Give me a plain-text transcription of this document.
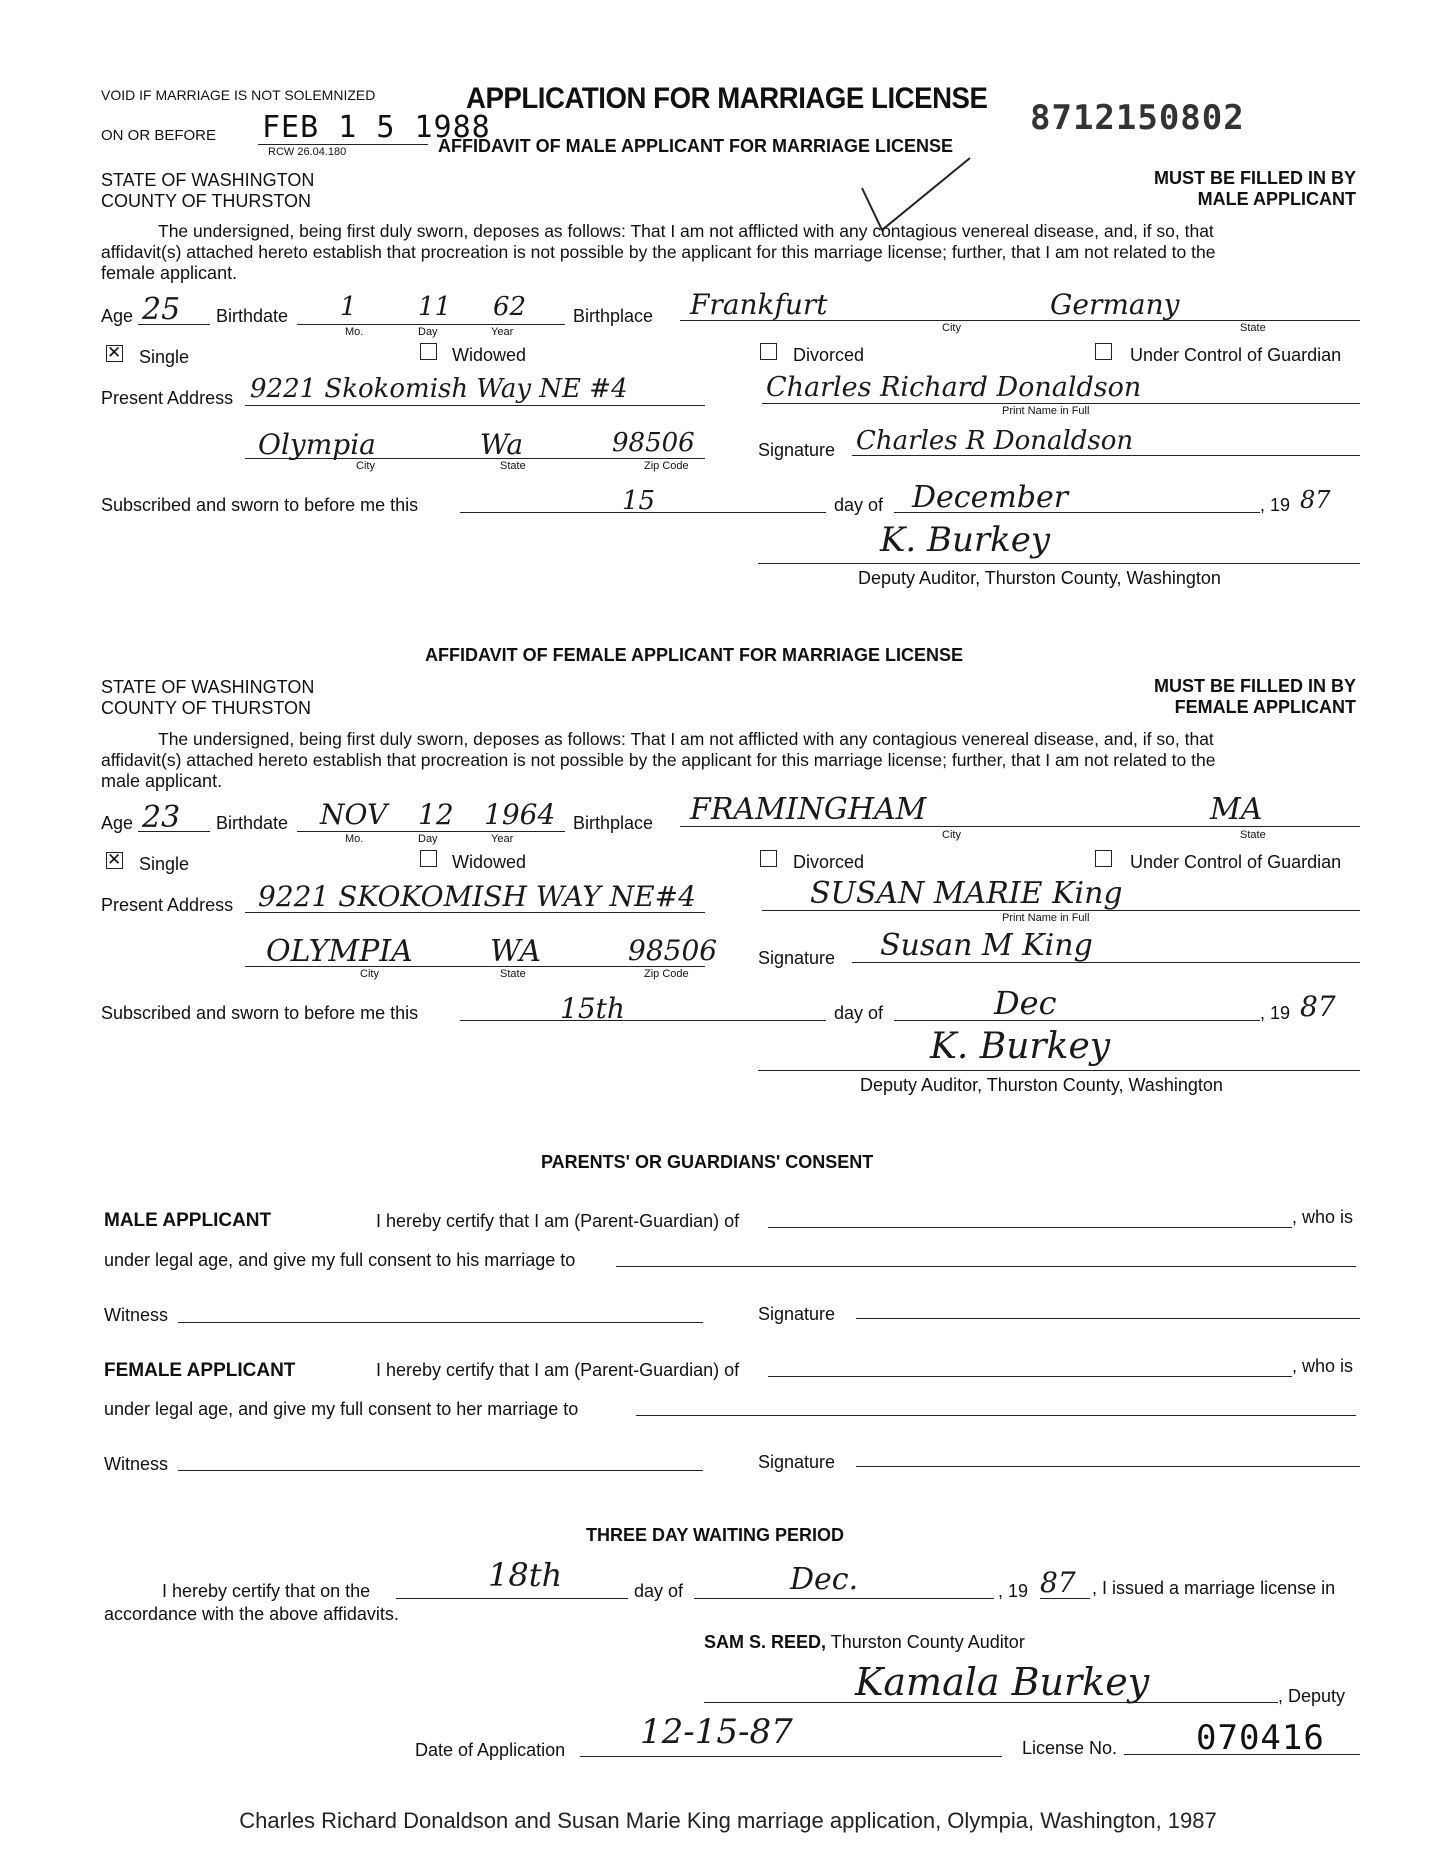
VOID IF MARRIAGE IS NOT SOLEMNIZED
ON OR BEFORE FEB 1 5 1988
RCW 26.04.180
APPLICATION FOR MARRIAGE LICENSE
AFFIDAVIT OF MALE APPLICANT FOR MARRIAGE LICENSE
8712150802
STATE OF WASHINGTON
COUNTY OF THURSTON
MUST BE FILLED IN BY
MALE APPLICANT
The undersigned, being first duly sworn, deposes as follows: That I am not afflicted with any contagious venereal disease, and, if so, that
affidavit(s) attached hereto establish that procreation is not possible by the applicant for this marriage license; further, that I am not related to the
female applicant.
Age 25 Birthdate 1 11 62
Mo.	Day	Year
Birthplace Frankfurt	Germany
City	State
✕
Single	Widowed	Divorced	Under Control of Guardian
Present Address 9221 Skokomish Way NE #4	Charles Richard Donaldson
Print Name in Full
Olympia	Wa	98506
City	State	Zip Code
Signature Charles R Donaldson
Subscribed and sworn to before me this	15	day of December	, 19 87
K. Burkey
Deputy Auditor, Thurston County, Washington
AFFIDAVIT OF FEMALE APPLICANT FOR MARRIAGE LICENSE
STATE OF WASHINGTON
COUNTY OF THURSTON
MUST BE FILLED IN BY
FEMALE APPLICANT
The undersigned, being first duly sworn, deposes as follows: That I am not afflicted with any contagious venereal disease, and, if so, that
affidavit(s) attached hereto establish that procreation is not possible by the applicant for this marriage license; further, that I am not related to the
male applicant.
Age 23 Birthdate NOV 12 1964
Mo.	Day	Year
Birthplace FRAMINGHAM	MA
City	State
✕
Single	Widowed	Divorced	Under Control of Guardian
Present Address 9221 SKOKOMISH WAY NE#4	SUSAN MARIE King
Print Name in Full
OLYMPIA	WA	98506
City	State	Zip Code
Signature Susan M King
Subscribed and sworn to before me this	15th	day of	Dec	, 19 87
K. Burkey
Deputy Auditor, Thurston County, Washington
PARENTS' OR GUARDIANS' CONSENT
MALE APPLICANT	I hereby certify that I am (Parent-Guardian) of	, who is
under legal age, and give my full consent to his marriage to
Witness	Signature
FEMALE APPLICANT	I hereby certify that I am (Parent-Guardian) of	, who is
under legal age, and give my full consent to her marriage to
Witness	Signature
THREE DAY WAITING PERIOD
I hereby certify that on the	18th	day of	Dec.	, 19 87 , I issued a marriage license in
accordance with the above affidavits.
SAM S. REED, Thurston County Auditor
Kamala Burkey	, Deputy
Date of Application 12-15-87	License No. 070416
Charles Richard Donaldson and Susan Marie King marriage application, Olympia, Washington, 1987
